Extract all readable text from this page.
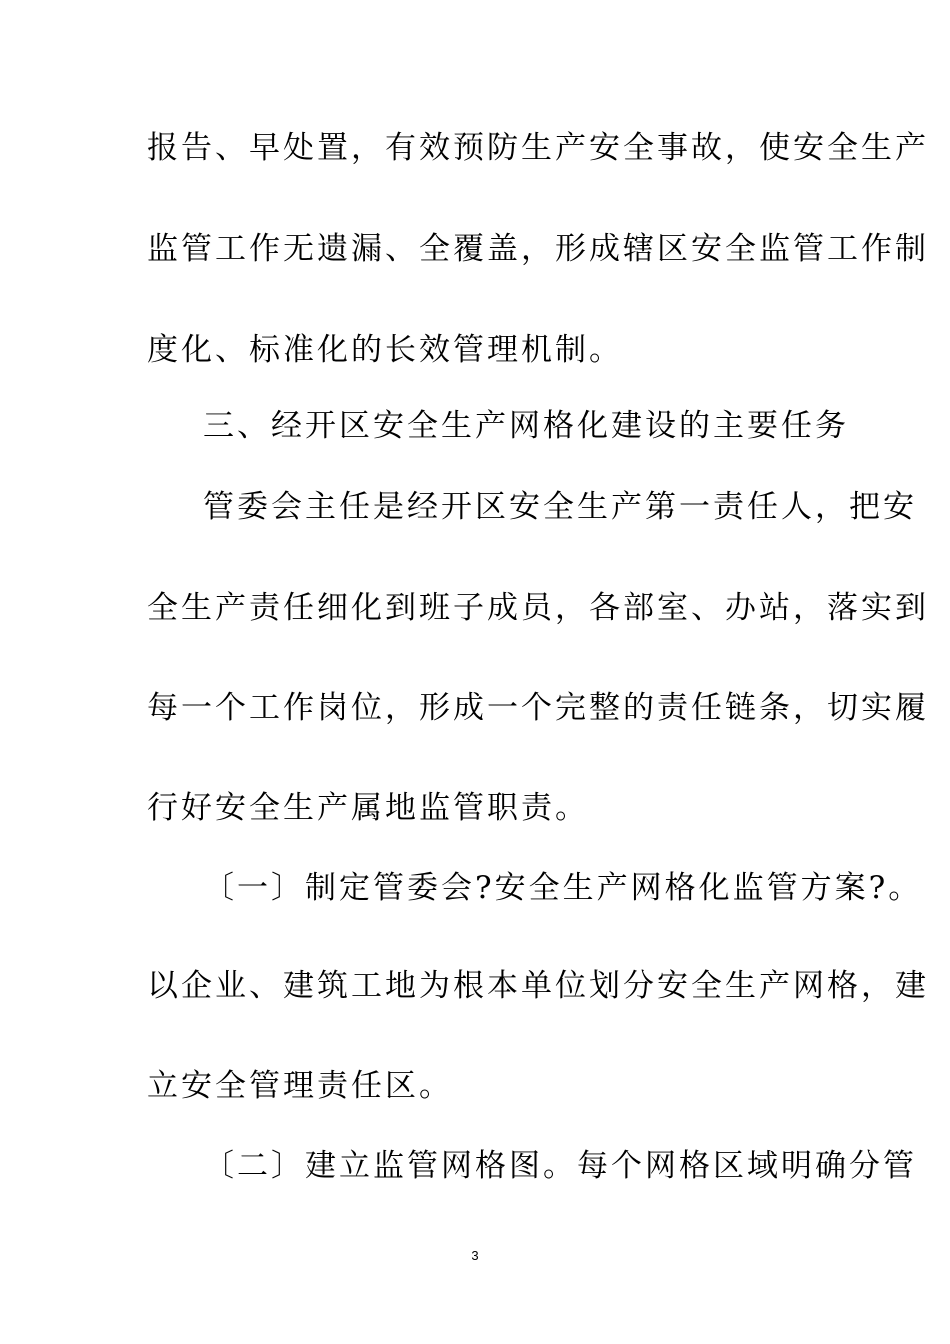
报告、早处置，有效预防生产安全事故，使安全生产
监管工作无遗漏、全覆盖，形成辖区安全监管工作制
度化、标准化的长效管理机制。
三、经开区安全生产网格化建设的主要任务
管委会主任是经开区安全生产第一责任人，把安
全生产责任细化到班子成员，各部室、办站，落实到
每一个工作岗位，形成一个完整的责任链条，切实履
行好安全生产属地监管职责。
〔一〕制定管委会?安全生产网格化监管方案?。
以企业、建筑工地为根本单位划分安全生产网格，建
立安全管理责任区。
〔二〕建立监管网格图。每个网格区域明确分管
3
